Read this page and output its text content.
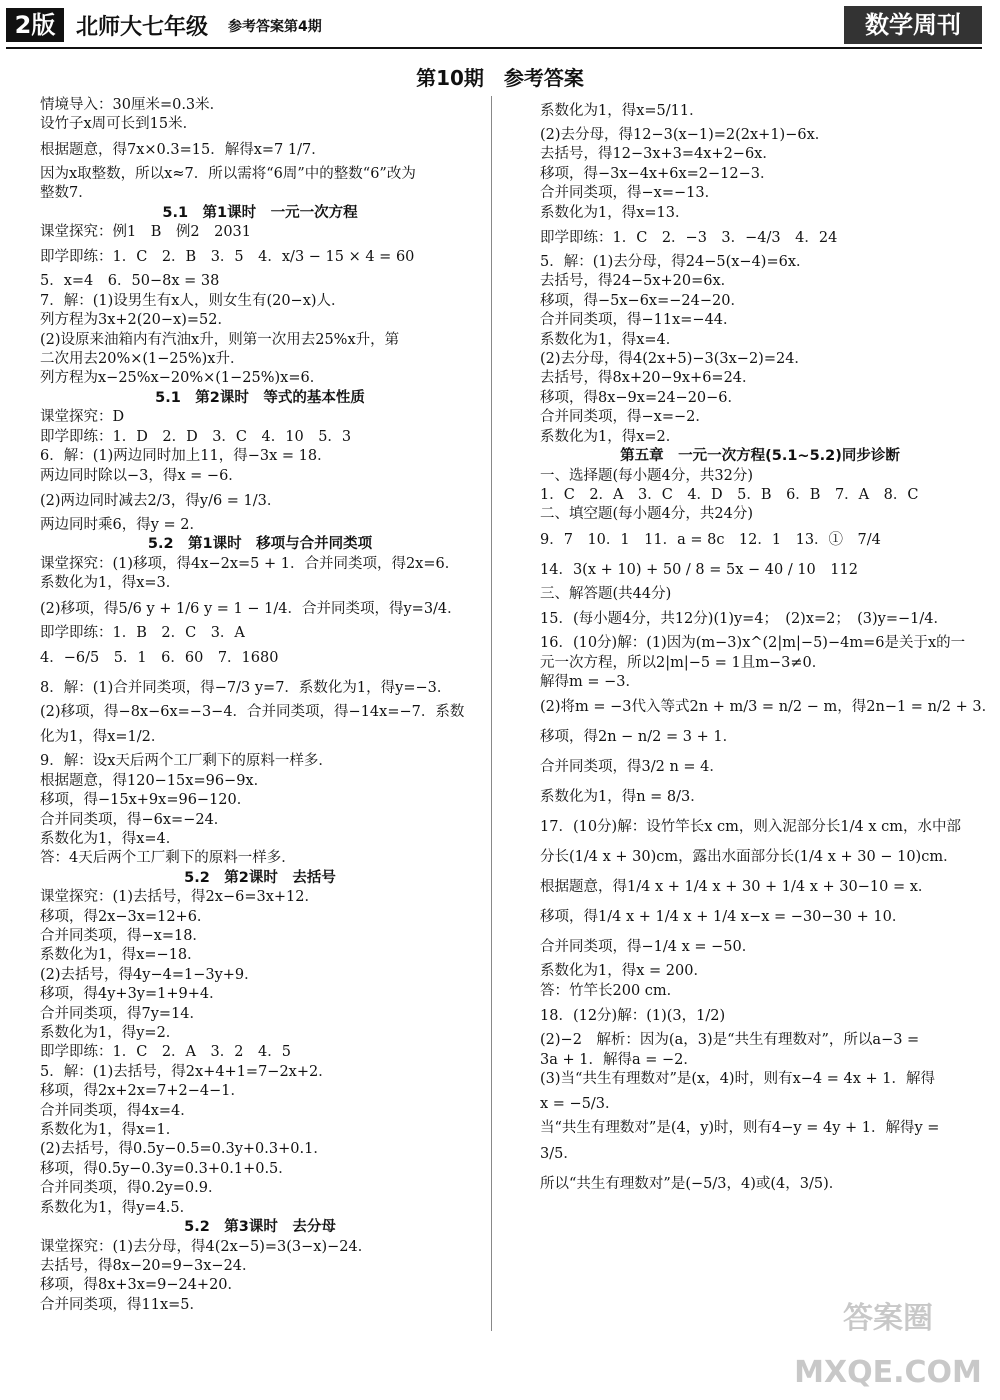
2版 北师大七年级 参考答案第4期	数学周刊
第10期　参考答案
情境导入：30厘米=0.3米．
设竹子x周可长到15米．
根据题意，得7x×0.3=15．解得x=7 1/7．
因为x取整数，所以x≈7．所以需将“6周”中的整数“6”改为
整数7．
5.1　第1课时　一元一次方程
课堂探究：例1　B　例2　2031
即学即练：1．C　2．B　3．5　4．x/3 − 15 × 4 = 60
5．x=4　6．50−8x = 38
7．解：(1)设男生有x人，则女生有(20−x)人．
列方程为3x+2(20−x)=52．
(2)设原来油箱内有汽油x升，则第一次用去25%x升，第
二次用去20%×(1−25%)x升．
列方程为x−25%x−20%×(1−25%)x=6．
5.1　第2课时　等式的基本性质
课堂探究：D
即学即练：1．D　2．D　3．C　4．10　5．3
6．解：(1)两边同时加上11，得−3x = 18．
两边同时除以−3，得x = −6．
(2)两边同时减去2/3，得y/6 = 1/3．
两边同时乘6，得y = 2．
5.2　第1课时　移项与合并同类项
课堂探究：(1)移项，得4x−2x=5 + 1．合并同类项，得2x=6．
系数化为1，得x=3．
(2)移项，得5/6 y + 1/6 y = 1 − 1/4．合并同类项，得y=3/4．
即学即练：1．B　2．C　3．A
4．−6/5　5．1　6．60　7．1680
8．解：(1)合并同类项，得−7/3 y=7．系数化为1，得y=−3．
(2)移项，得−8x−6x=−3−4．合并同类项，得−14x=−7．系数
化为1，得x=1/2．
9．解：设x天后两个工厂剩下的原料一样多．
根据题意，得120−15x=96−9x．
移项，得−15x+9x=96−120．
合并同类项，得−6x=−24．
系数化为1，得x=4．
答：4天后两个工厂剩下的原料一样多．
5.2　第2课时　去括号
课堂探究：(1)去括号，得2x−6=3x+12．
移项，得2x−3x=12+6．
合并同类项，得−x=18．
系数化为1，得x=−18．
(2)去括号，得4y−4=1−3y+9．
移项，得4y+3y=1+9+4．
合并同类项，得7y=14．
系数化为1，得y=2．
即学即练：1．C　2．A　3．2　4．5
5．解：(1)去括号，得2x+4+1=7−2x+2．
移项，得2x+2x=7+2−4−1．
合并同类项，得4x=4．
系数化为1，得x=1．
(2)去括号，得0.5y−0.5=0.3y+0.3+0.1．
移项，得0.5y−0.3y=0.3+0.1+0.5．
合并同类项，得0.2y=0.9．
系数化为1，得y=4.5．
5.2　第3课时　去分母
课堂探究：(1)去分母，得4(2x−5)=3(3−x)−24．
去括号，得8x−20=9−3x−24．
移项，得8x+3x=9−24+20．
合并同类项，得11x=5．
系数化为1，得x=5/11．
(2)去分母，得12−3(x−1)=2(2x+1)−6x．
去括号，得12−3x+3=4x+2−6x．
移项，得−3x−4x+6x=2−12−3．
合并同类项，得−x=−13．
系数化为1，得x=13．
即学即练：1．C　2．−3　3．−4/3　4．24
5．解：(1)去分母，得24−5(x−4)=6x．
去括号，得24−5x+20=6x．
移项，得−5x−6x=−24−20．
合并同类项，得−11x=−44．
系数化为1，得x=4．
(2)去分母，得4(2x+5)−3(3x−2)=24．
去括号，得8x+20−9x+6=24．
移项，得8x−9x=24−20−6．
合并同类项，得−x=−2．
系数化为1，得x=2．
第五章　一元一次方程(5.1~5.2)同步诊断
一、选择题(每小题4分，共32分)
1．C　2．A　3．C　4．D　5．B　6．B　7．A　8．C
二、填空题(每小题4分，共24分)
9．7　10．1　11．a = 8c　12．1　13．①　7/4
14．3(x + 10) + 50 / 8 = 5x − 40 / 10　112
三、解答题(共44分)
15．(每小题4分，共12分)(1)y=4；　(2)x=2；　(3)y=−1/4．
16．(10分)解：(1)因为(m−3)x^(2|m|−5)−4m=6是关于x的一
元一次方程，所以2|m|−5 = 1且m−3≠0．
解得m = −3．
(2)将m = −3代入等式2n + m/3 = n/2 − m，得2n−1 = n/2 + 3．
移项，得2n − n/2 = 3 + 1．
合并同类项，得3/2 n = 4．
系数化为1，得n = 8/3．
17．(10分)解：设竹竿长x cm，则入泥部分长1/4 x cm，水中部
分长(1/4 x + 30)cm，露出水面部分长(1/4 x + 30 − 10)cm．
根据题意，得1/4 x + 1/4 x + 30 + 1/4 x + 30−10 = x．
移项，得1/4 x + 1/4 x + 1/4 x−x = −30−30 + 10．
合并同类项，得−1/4 x = −50．
系数化为1，得x = 200．
答：竹竿长200 cm．
18．(12分)解：(1)(3，1/2)
(2)−2　解析：因为(a，3)是“共生有理数对”，所以a−3 =
3a + 1．解得a = −2．
(3)当“共生有理数对”是(x，4)时，则有x−4 = 4x + 1．解得
x = −5/3．
当“共生有理数对”是(4，y)时，则有4−y = 4y + 1．解得y =
3/5．
所以“共生有理数对”是(−5/3，4)或(4，3/5)．
答案圈 MXQE.COM
